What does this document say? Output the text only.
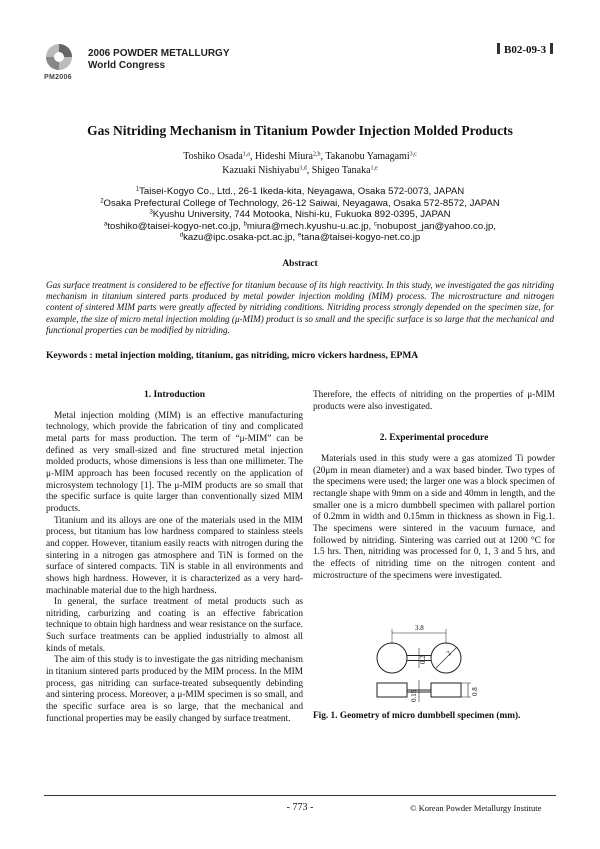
PM2006
2006 POWDER METALLURGY
World Congress
B02-09-3
Gas Nitriding Mechanism in Titanium Powder Injection Molded Products
Toshiko Osada$^{1,a}$, Hideshi Miura$^{2,b}$, Takanobu Yamagami$^{3,c}$
Kazuaki Nishiyabu$^{3,d}$, Shigeo Tanaka$^{1,e}$
$^1$Taisei-Kogyo Co., Ltd., 26-1 Ikeda-kita, Neyagawa, Osaka 572-0073, JAPAN
$^2$Osaka Prefectural College of Technology, 26-12 Saiwai, Neyagawa, Osaka 572-8572, JAPAN
$^3$Kyushu University, 744 Motooka, Nishi-ku, Fukuoka 892-0395, JAPAN
$^a$toshiko@taisei-kogyo-net.co.jp, $^b$miura@mech.kyushu-u.ac.jp, $^c$nobupost_jan@yahoo.co.jp,
$^d$kazu@ipc.osaka-pct.ac.jp, $^e$tana@taisei-kogyo-net.co.jp
Abstract
Gas surface treatment is considered to be effective for titanium because of its high reactivity. In this study, we investigated the gas nitriding mechanism in titanium sintered parts produced by metal powder injection molding (MIM) process. The microstructure and nitrogen content of sintered MIM parts were greatly affected by nitriding conditions. Nitriding process strongly depended on the specimen size, for example, the size of micro metal injection molding (μ-MIM) product is so small and the specific surface is so large that the mechanical and functional properties can be modified by nitriding.
Keywords : metal injection molding, titanium, gas nitriding, micro vickers hardness, EPMA
1. Introduction

Metal injection molding (MIM) is an effective manufacturing technology, which provide the fabrication of tiny and complicated metal parts for mass production. The term of “μ-MIM” can be defined as very small-sized and fine structured metal injection molded products, whose dimensions is less than one millimeter. The μ-MIM approach has been focused recently on the application of microsystem technology [1]. The μ-MIM products are so small that the specific surface is quite larger than conventionally sized MIM products.

Titanium and its alloys are one of the materials used in the MIM process, but titanium has low hardness compared to stainless steels and copper. However, titanium easily reacts with nitrogen during the sintering in a nitrogen gas atmosphere and TiN is formed on the surface of sintered compacts. TiN is stable in all environments and shows high hardness. However, it is characterized as a very hard-machinable material due to the high hardness.

In general, the surface treatment of metal products such as nitriding, carburizing and coating is an effective fabrication technique to obtain high hardness and wear resistance on the surface. Such surface treatments can be applied industrially to almost all kinds of metals.

The aim of this study is to investigate the gas nitriding mechanism in titanium sintered parts produced by the MIM process. In the MIM process, gas nitriding can surface-treated subsequently debinding and sintering process. Moreover, a μ-MIM specimen is so small, and the specific surface area is so large, that the mechanical and functional properties may be easily changed by surface treatment.

Therefore, the effects of nitriding on the properties of μ-MIM products were also investigated.

2. Experimental procedure

Materials used in this study were a gas atomized Ti powder (20μm in mean diameter) and a wax based binder. Two types of the specimens were used; the larger one was a block specimen of rectangle shape with 9mm on a side and 40mm in length, and the smaller one is a micro dumbbell specimen with pallarel portion of 0.2mm in width and 0.15mm in thickness as shown in Fig.1. The specimens were sintered in the vacuum furnace, and followed by nitriding. Sintering was carried out at 1200 °C for 1.5 hrs. Then, nitriding was processed for 0, 1, 3 and 5 hrs, and the effects of nitriding time on the nitrogen content and microstructure of the specimens were investigated.

3.8
2
0.2
0.15	0.8
Fig. 1. Geometry of micro dumbbell specimen (mm).
- 773 -	© Korean Powder Metallurgy Institute
